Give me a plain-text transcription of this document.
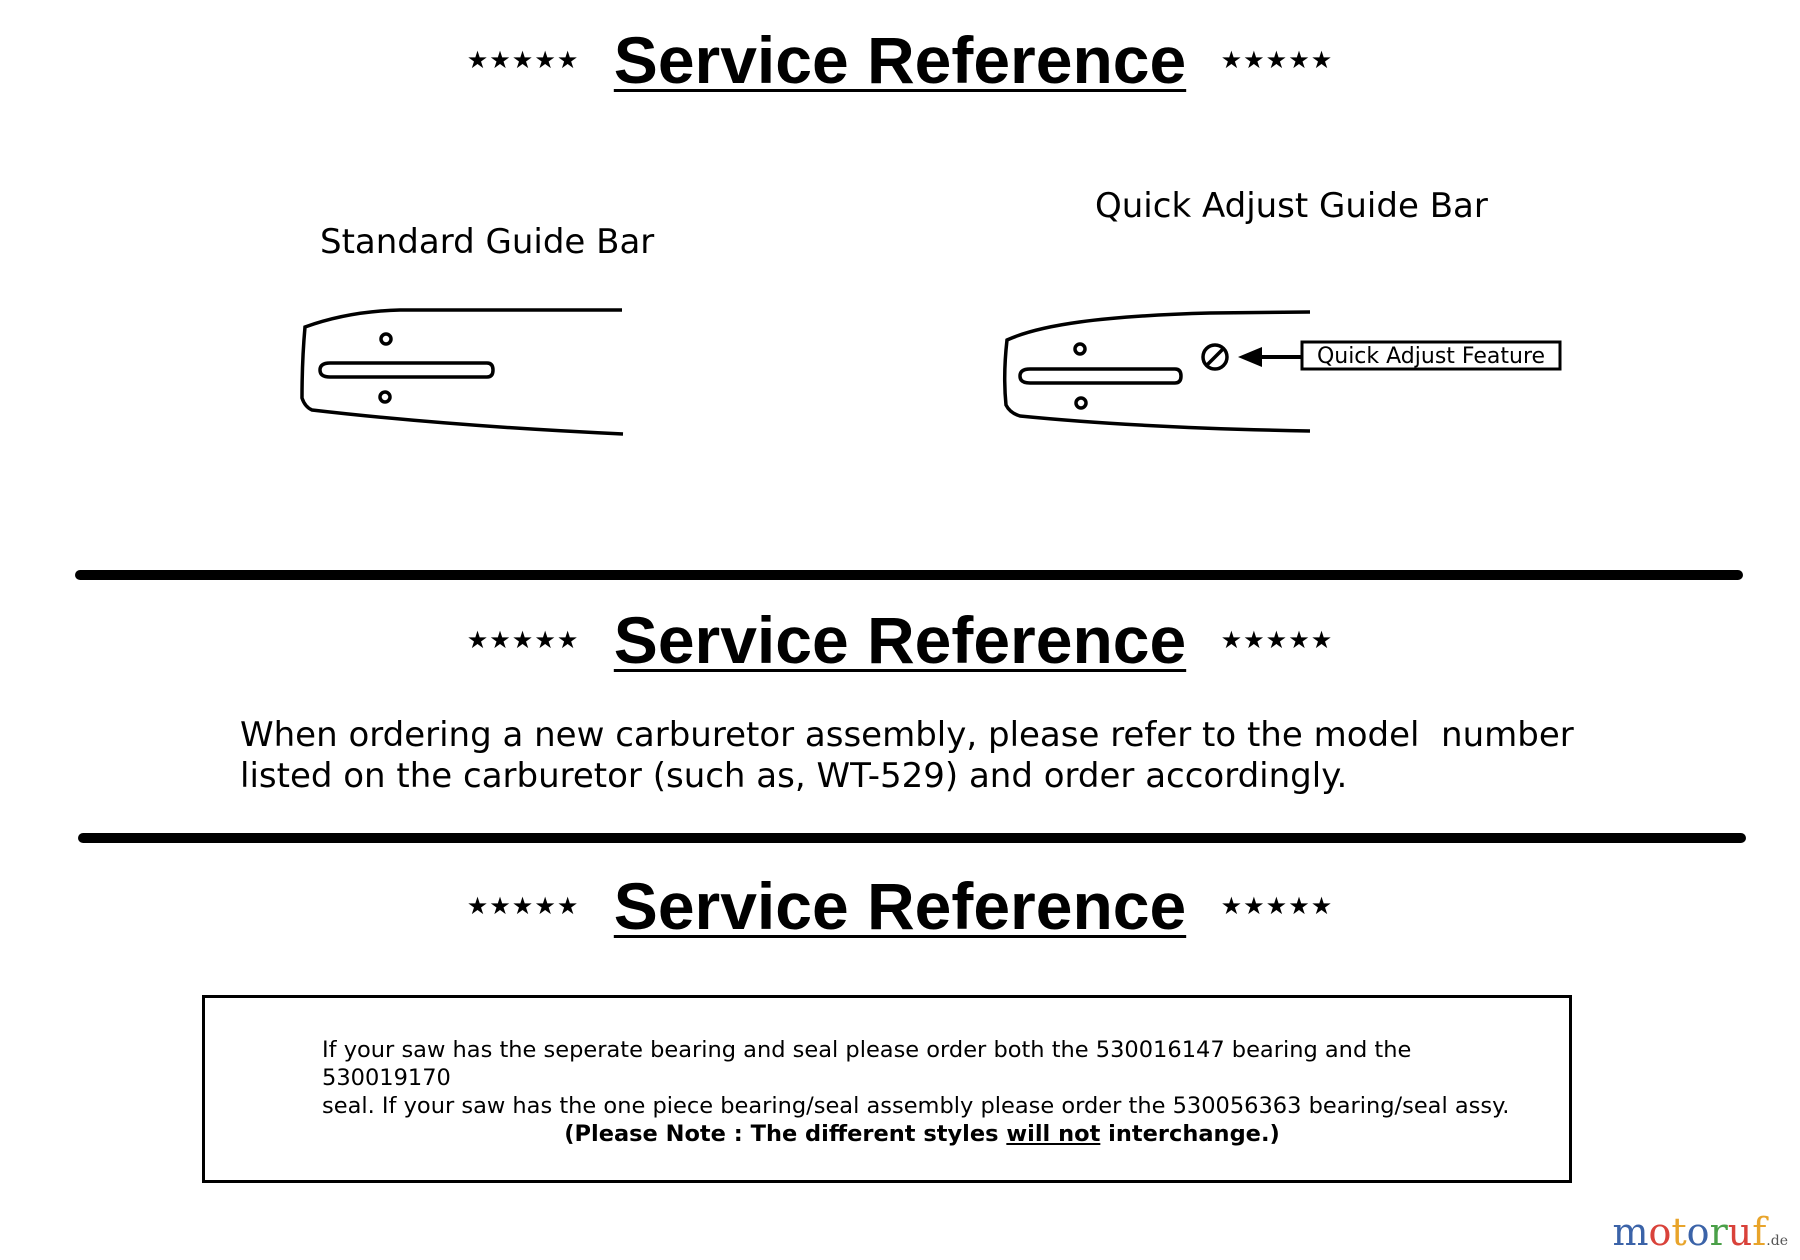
★★★★★ Service Reference ★★★★★
Standard Guide Bar
Quick Adjust Guide Bar
Quick Adjust Feature
★★★★★ Service Reference ★★★★★
When ordering a new carburetor assembly, please refer to the model  number
listed on the carburetor (such as, WT-529) and order accordingly.
★★★★★ Service Reference ★★★★★
If your saw has the seperate bearing and seal please order both the 530016147 bearing and the 530019170
seal. If your saw has the one piece bearing/seal assembly please order the 530056363 bearing/seal assy.
(Please Note : The different styles will not interchange.)
motoruf.de
